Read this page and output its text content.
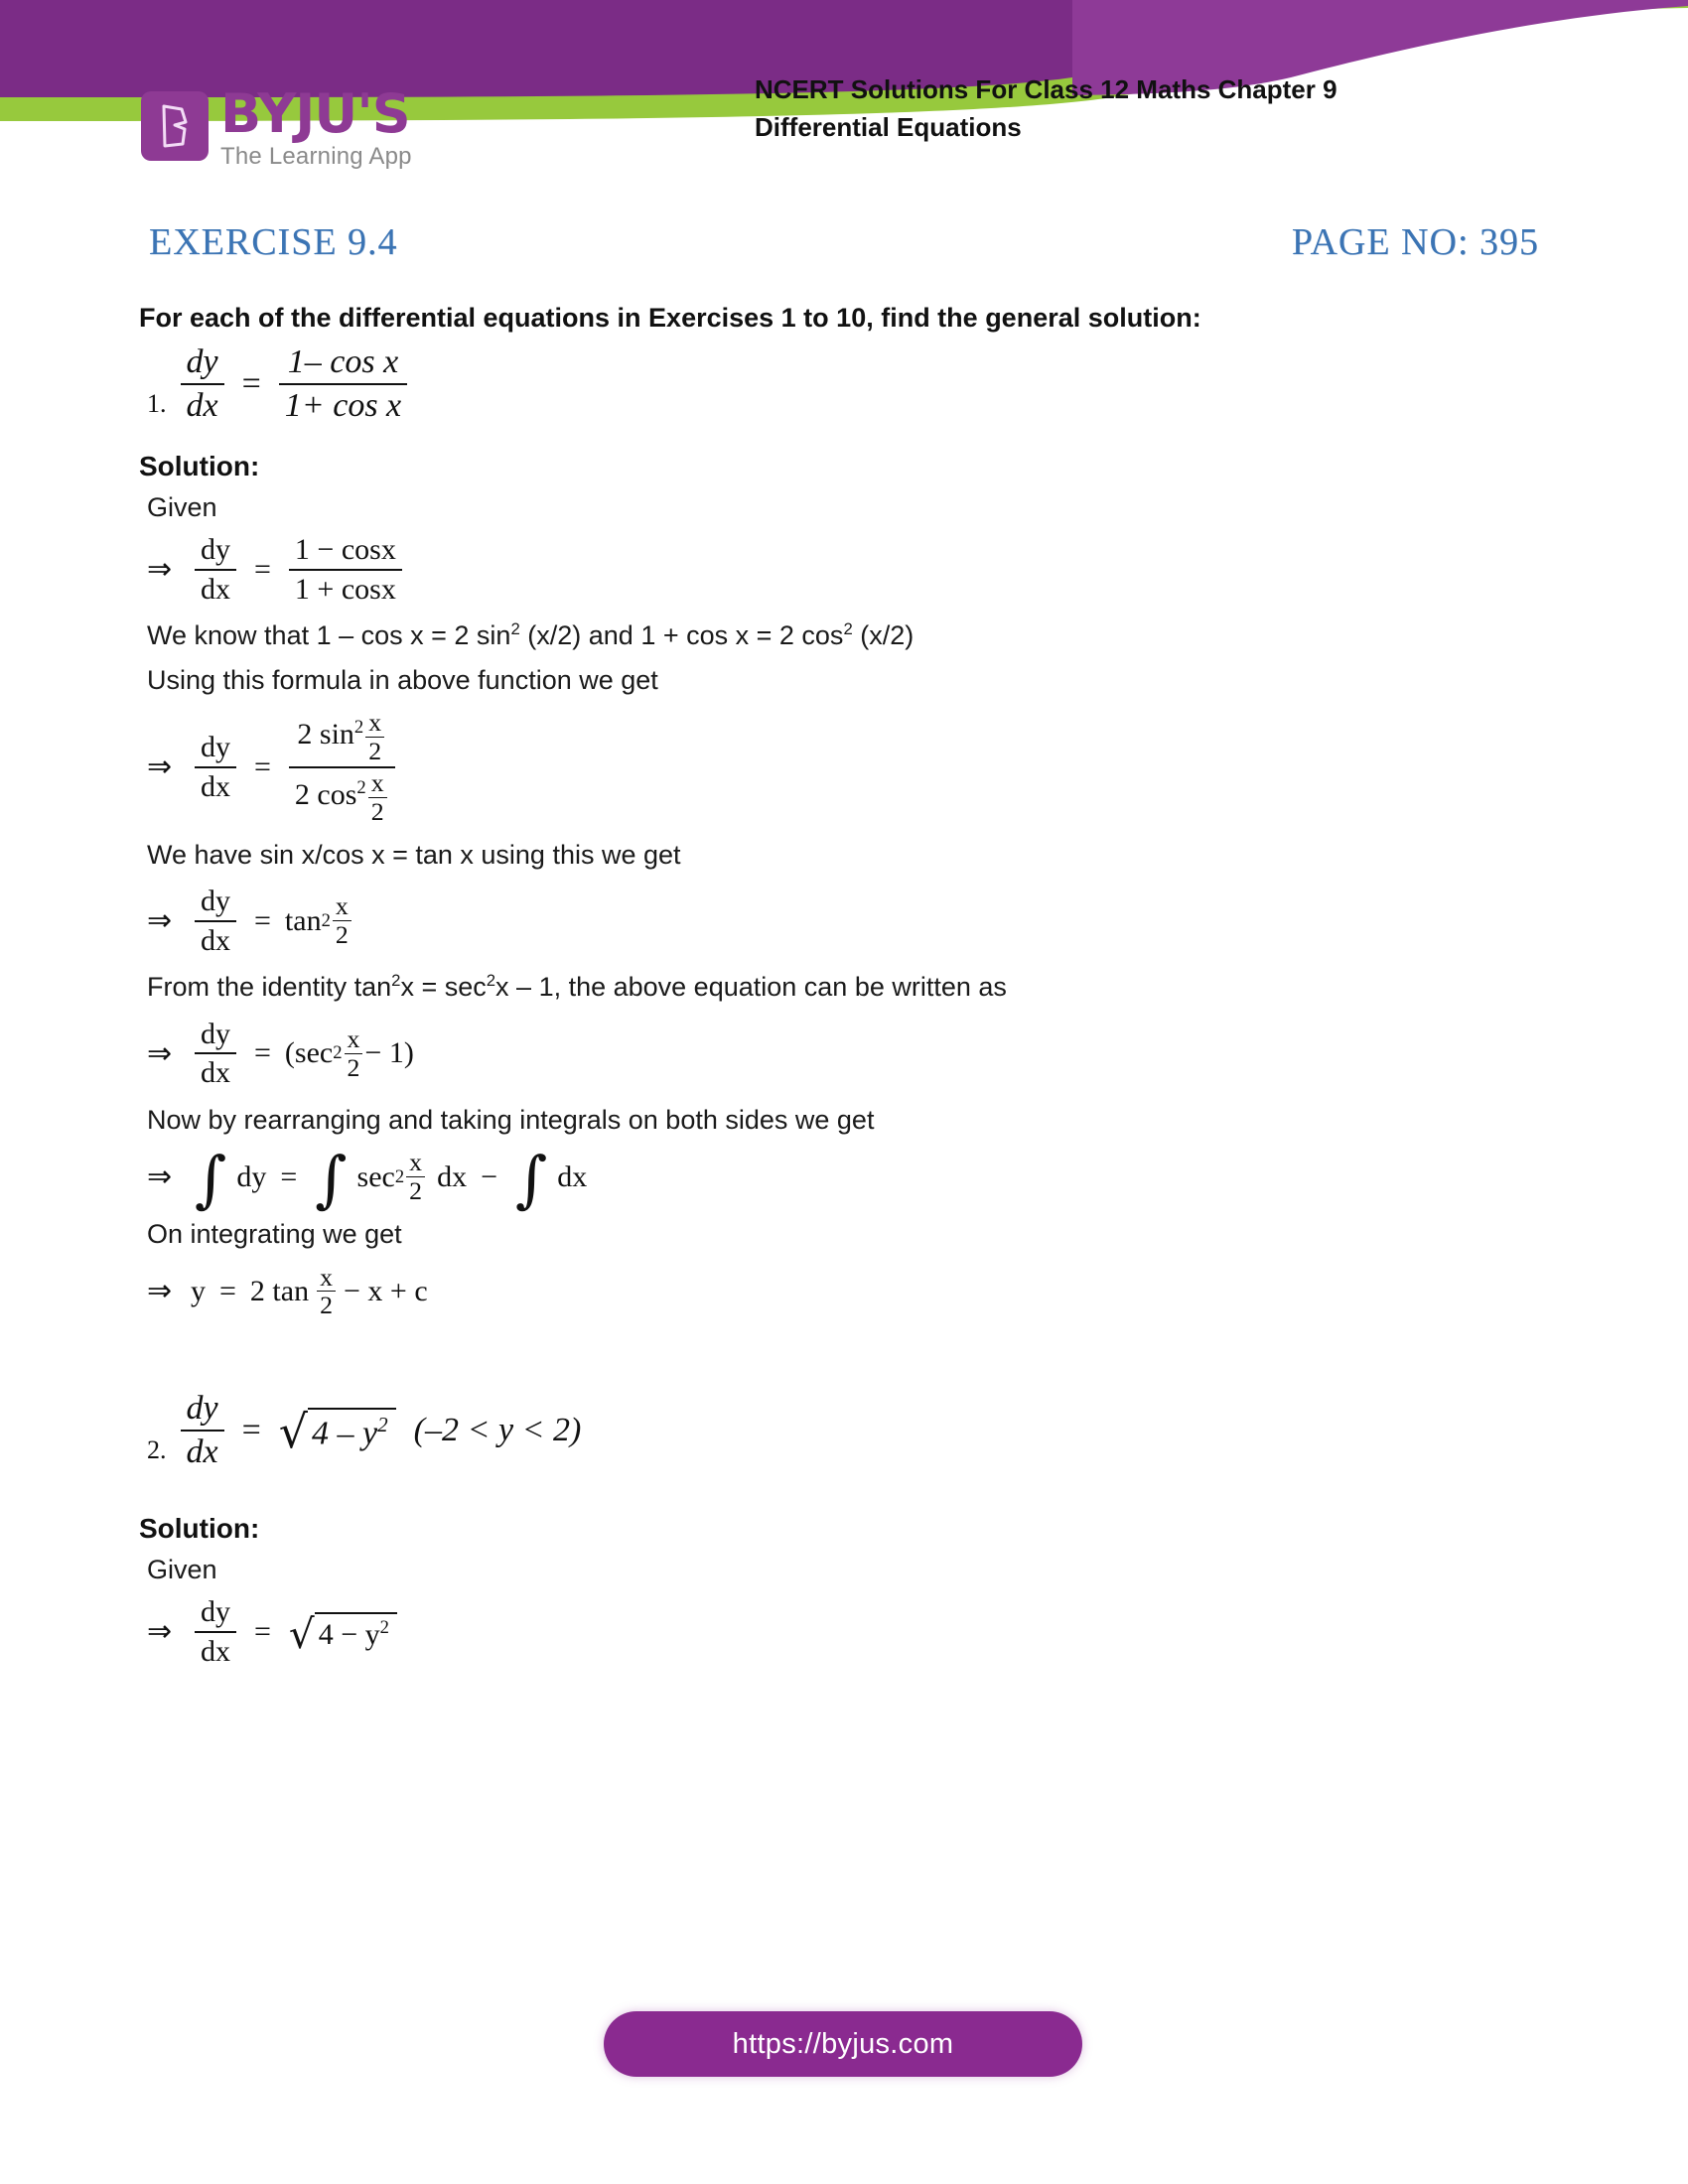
BYJU'S
The Learning App
NCERT Solutions For Class 12 Maths Chapter 9
Differential Equations
EXERCISE 9.4	PAGE NO: 395
For each of the differential equations in Exercises 1 to 10, find the general solution:
1. $\frac{dy}{dx} = \frac{\text{1– cos x}}{\text{1+ cos x}}$
Solution:
Given
⇒ $\frac{dy}{dx} = \frac{1 - \cos x}{1 + \cos x}$
We know that 1 – cos x = 2 $\sin^2 (x/2)$ and 1 + cos x = 2 $\cos^2 (x/2)$
Using this formula in above function we get
⇒ $\frac{dy}{dx} = \frac{2 \sin^2 \frac{x}{2}}{2 \cos^2 \frac{x}{2}}$
We have sin x/cos x = tan x using this we get
⇒ $\frac{dy}{dx} = \tan 2 \frac{x}{2}$
From the identity $\tan^2x = \sec^2x - 1$, the above equation can be written as
⇒ $\frac{dy}{dx} = (\sec$ $2 \frac{x}{2} - 1$)
Now by rearranging and taking integrals on both sides we get
⇒ ∫ dy = ∫ $\sec 2 \frac{x}{2}$ dx − ∫ dx
On integrating we get
⇒ y = 2 $\tan \frac{x}{2} - x + c$
2. $\frac{dy}{dx}$ = √ $4 - y^2$ (–2 < y < 2)
Solution:
Given
⇒ $\frac{dy}{dx}$ = √ $4 - y^2$
https://byjus.com
